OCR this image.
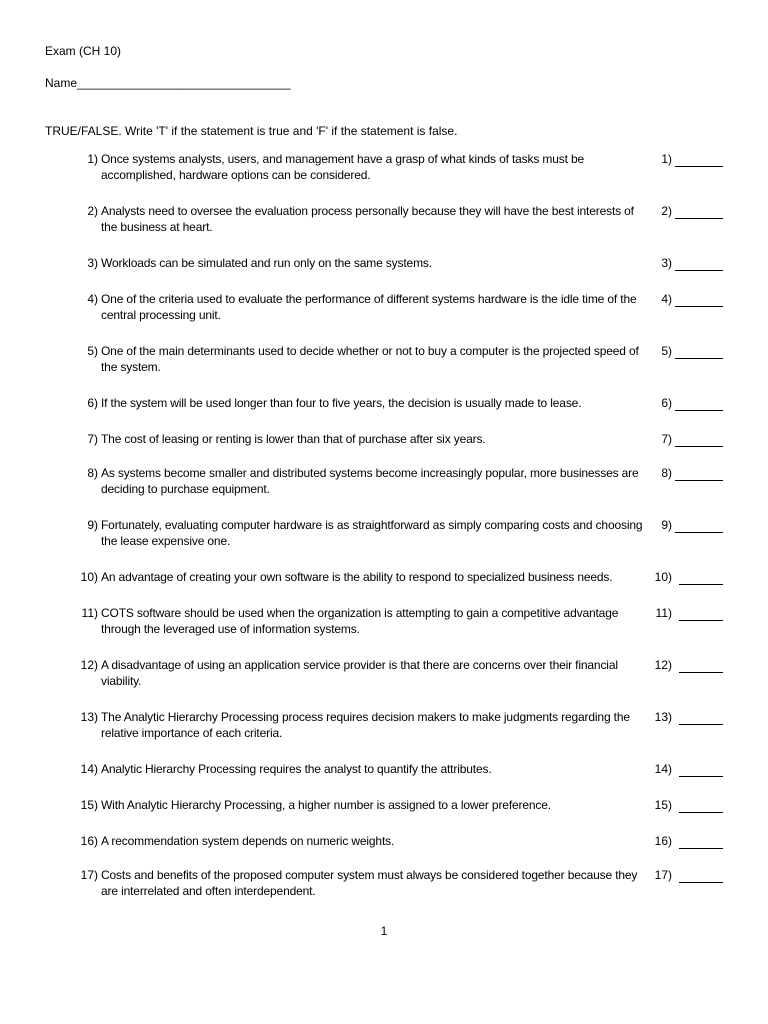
Exam (CH 10)
Name________________________________
TRUE/FALSE. Write 'T' if the statement is true and 'F' if the statement is false.
1) Once systems analysts, users, and management have a grasp of what kinds of tasks must be accomplished, hardware options can be considered.
1)
2) Analysts need to oversee the evaluation process personally because they will have the best interests of the business at heart.
2)
3) Workloads can be simulated and run only on the same systems.	3)
4) One of the criteria used to evaluate the performance of different systems hardware is the idle time of the central processing unit.
4)
5) One of the main determinants used to decide whether or not to buy a computer is the projected speed of the system.
5)
6) If the system will be used longer than four to five years, the decision is usually made to lease.	6)
7) The cost of leasing or renting is lower than that of purchase after six years.	7)
8) As systems become smaller and distributed systems become increasingly popular, more businesses are deciding to purchase equipment.
8)
9) Fortunately, evaluating computer hardware is as straightforward as simply comparing costs and choosing the lease expensive one.
9)
10) An advantage of creating your own software is the ability to respond to specialized business needs.	10)
11) COTS software should be used when the organization is attempting to gain a competitive advantage through the leveraged use of information systems.
11)
12) A disadvantage of using an application service provider is that there are concerns over their financial viability.
12)
13) The Analytic Hierarchy Processing process requires decision makers to make judgments regarding the relative importance of each criteria.
13)
14) Analytic Hierarchy Processing requires the analyst to quantify the attributes.	14)
15) With Analytic Hierarchy Processing, a higher number is assigned to a lower preference.	15)
16) A recommendation system depends on numeric weights.	16)
17) Costs and benefits of the proposed computer system must always be considered together because they are interrelated and often interdependent.
17)
1
